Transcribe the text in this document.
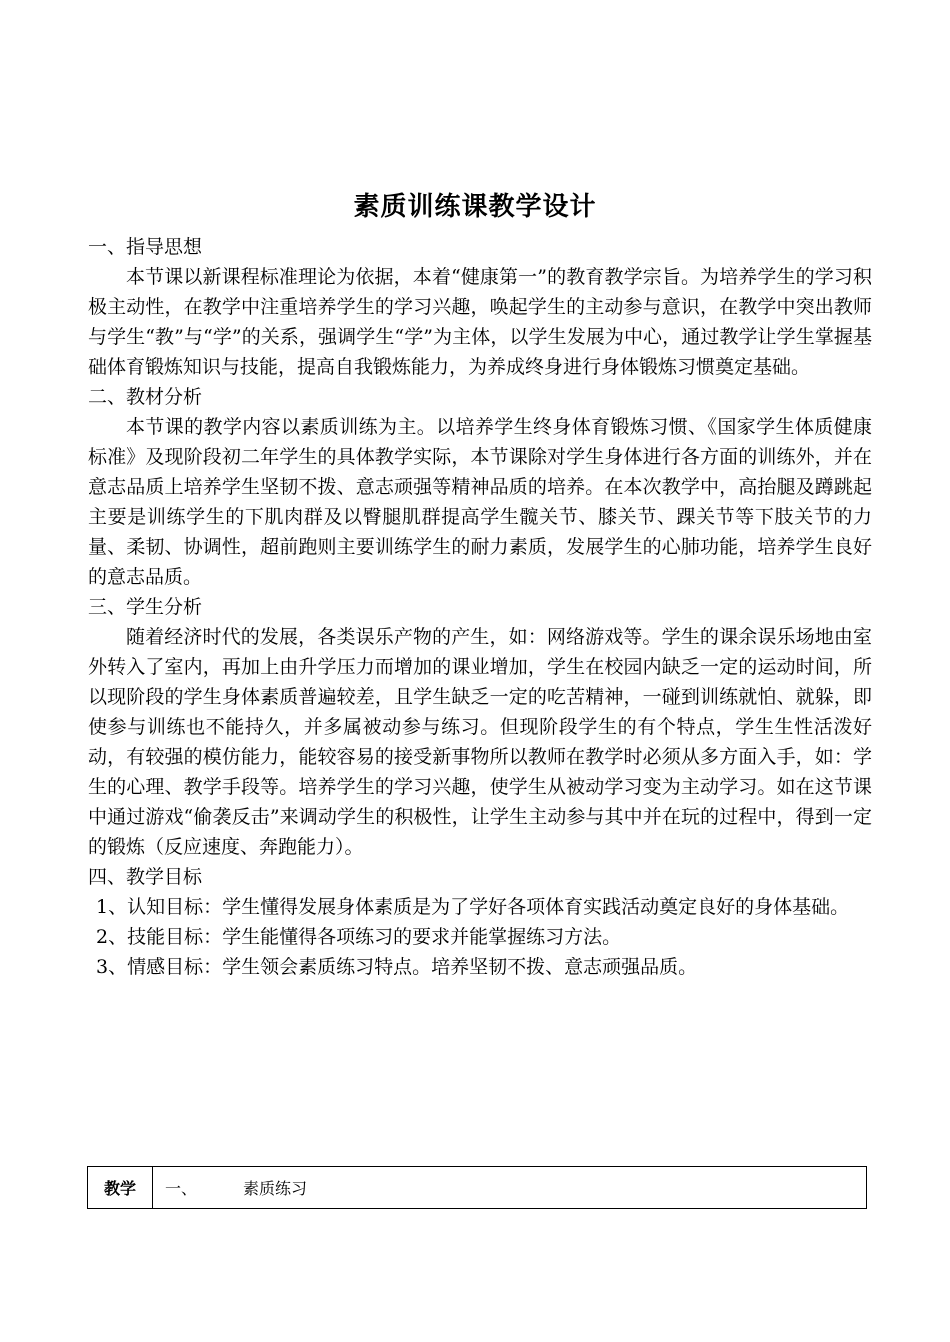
素质训练课教学设计

一、指导思想

本节课以新课程标准理论为依据，本着“健康第一”的教育教学宗旨。为培养学生的学习积极主动性，在教学中注重培养学生的学习兴趣，唤起学生的主动参与意识，在教学中突出教师与学生“教”与“学”的关系，强调学生“学”为主体，以学生发展为中心，通过教学让学生掌握基础体育锻炼知识与技能，提高自我锻炼能力，为养成终身进行身体锻炼习惯奠定基础。

二、教材分析

本节课的教学内容以素质训练为主。以培养学生终身体育锻炼习惯、《国家学生体质健康标准》及现阶段初二年学生的具体教学实际，本节课除对学生身体进行各方面的训练外，并在意志品质上培养学生坚韧不拨、意志顽强等精神品质的培养。在本次教学中，高抬腿及蹲跳起主要是训练学生的下肌肉群及以臀腿肌群提高学生髋关节、膝关节、踝关节等下肢关节的力量、柔韧、协调性，超前跑则主要训练学生的耐力素质，发展学生的心肺功能，培养学生良好的意志品质。

三、学生分析

随着经济时代的发展，各类误乐产物的产生，如：网络游戏等。学生的课余误乐场地由室外转入了室内，再加上由升学压力而增加的课业增加，学生在校园内缺乏一定的运动时间，所以现阶段的学生身体素质普遍较差，且学生缺乏一定的吃苦精神，一碰到训练就怕、就躲，即使参与训练也不能持久，并多属被动参与练习。但现阶段学生的有个特点，学生生性活泼好动，有较强的模仿能力，能较容易的接受新事物所以教师在教学时必须从多方面入手，如：学生的心理、教学手段等。培养学生的学习兴趣，使学生从被动学习变为主动学习。如在这节课中通过游戏“偷袭反击”来调动学生的积极性，让学生主动参与其中并在玩的过程中，得到一定的锻炼（反应速度、奔跑能力）。

四、教学目标

1、认知目标：学生懂得发展身体素质是为了学好各项体育实践活动奠定良好的身体基础。

2、技能目标：学生能懂得各项练习的要求并能掌握练习方法。

3、情感目标：学生领会素质练习特点。培养坚韧不拨、意志顽强品质。

教学	一、	素质练习
